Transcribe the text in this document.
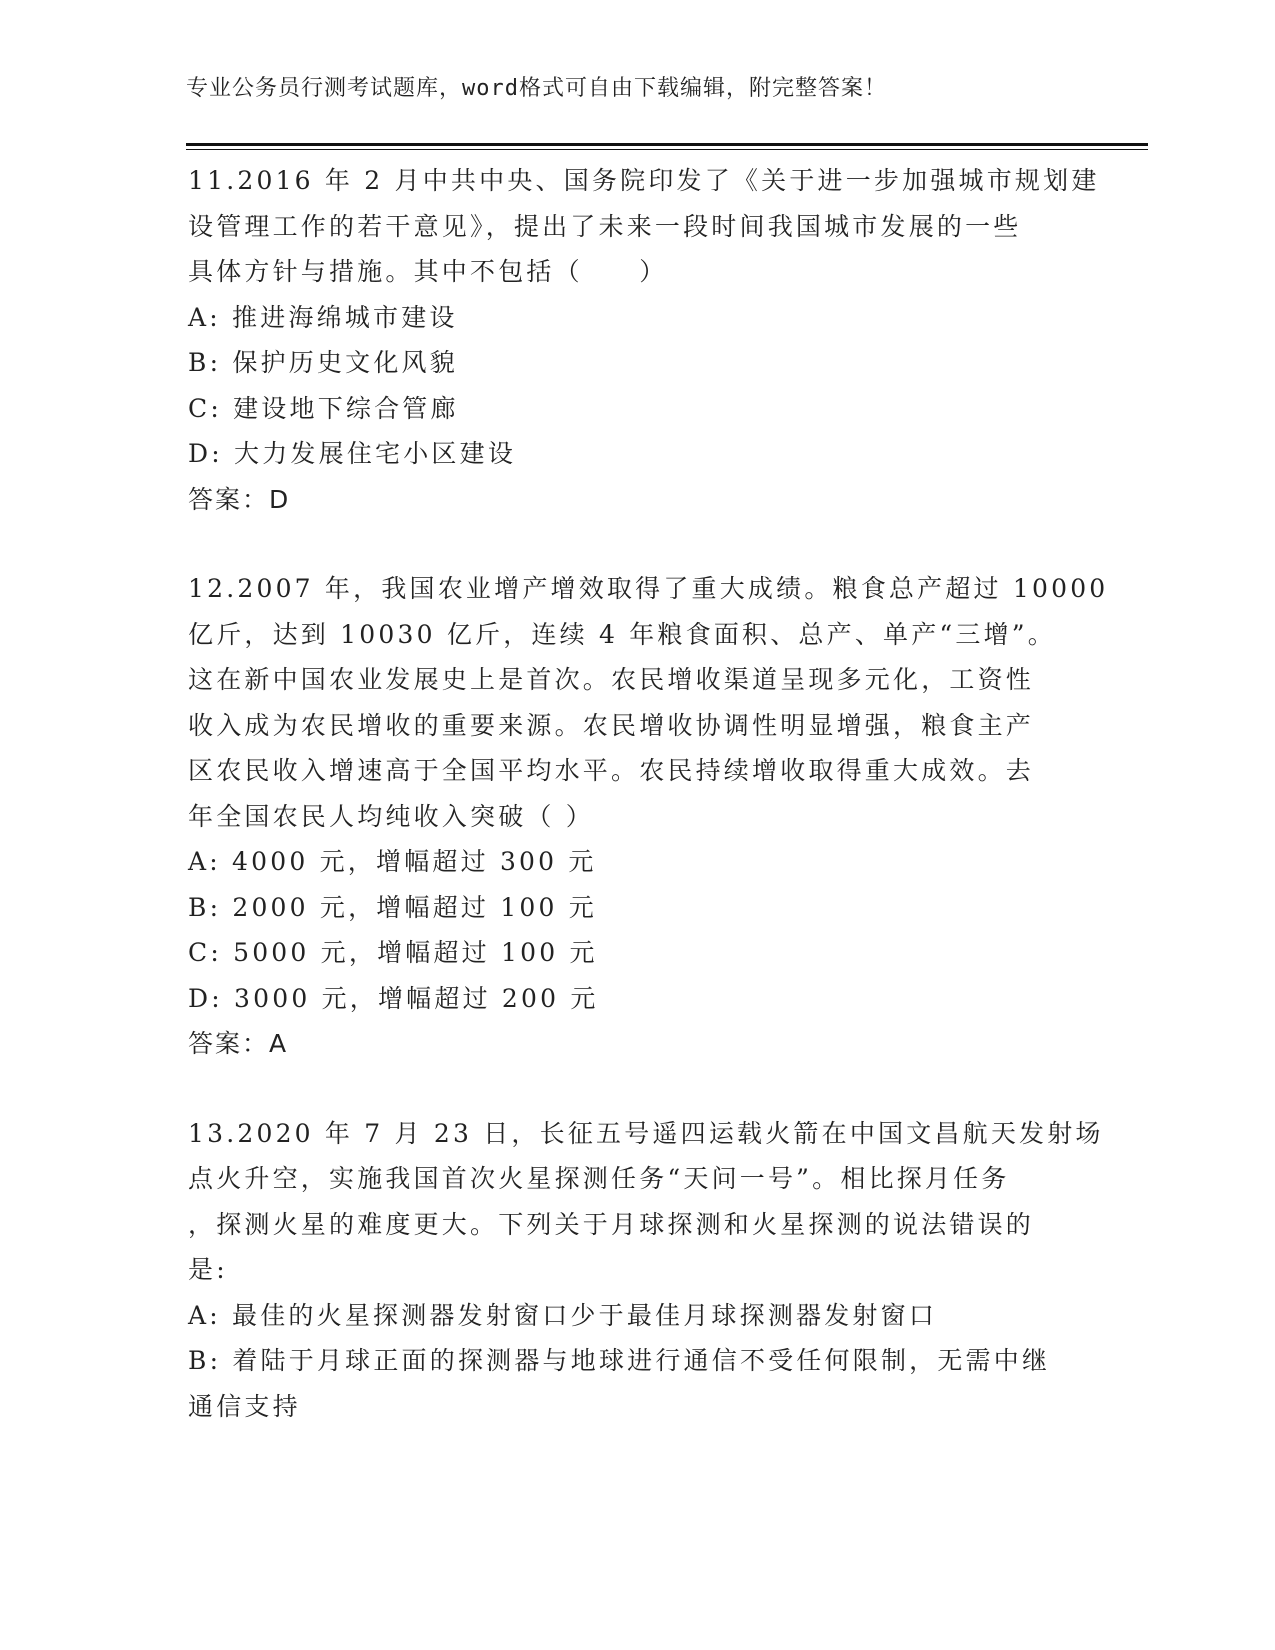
专业公务员行测考试题库，word格式可自由下载编辑，附完整答案！
11.2016 年 2 月中共中央、国务院印发了《关于进一步加强城市规划建
设管理工作的若干意见》，提出了未来一段时间我国城市发展的一些
具体方针与措施。其中不包括（　　）
A: 推进海绵城市建设
B: 保护历史文化风貌
C: 建设地下综合管廊
D: 大力发展住宅小区建设
答案：D
12.2007 年，我国农业增产增效取得了重大成绩。粮食总产超过 10000
亿斤，达到 10030 亿斤，连续 4 年粮食面积、总产、单产“三增”。
这在新中国农业发展史上是首次。农民增收渠道呈现多元化，工资性
收入成为农民增收的重要来源。农民增收协调性明显增强，粮食主产
区农民收入增速高于全国平均水平。农民持续增收取得重大成效。去
年全国农民人均纯收入突破（ ）
A: 4000 元，增幅超过 300 元
B: 2000 元，增幅超过 100 元
C: 5000 元，增幅超过 100 元
D: 3000 元，增幅超过 200 元
答案：A
13.2020 年 7 月 23 日，长征五号遥四运载火箭在中国文昌航天发射场
点火升空，实施我国首次火星探测任务“天问一号”。相比探月任务
，探测火星的难度更大。下列关于月球探测和火星探测的说法错误的
是:
A: 最佳的火星探测器发射窗口少于最佳月球探测器发射窗口
B: 着陆于月球正面的探测器与地球进行通信不受任何限制，无需中继
通信支持
